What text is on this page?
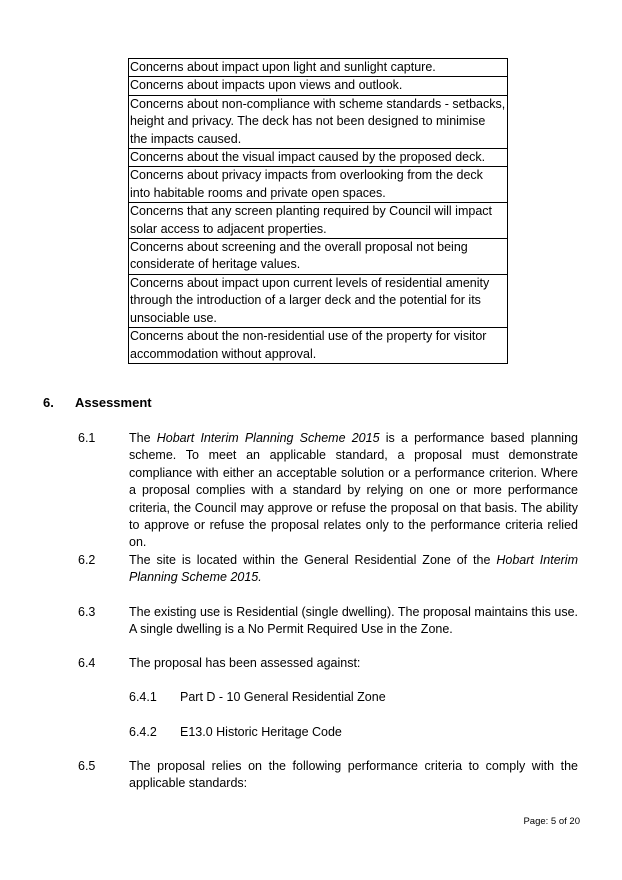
Concerns about impact upon light and sunlight capture.
Concerns about impacts upon views and outlook.
Concerns about non-compliance with scheme standards - setbacks, height and privacy. The deck has not been designed to minimise the impacts caused.
Concerns about the visual impact caused by the proposed deck.
Concerns about privacy impacts from overlooking from the deck into habitable rooms and private open spaces.
Concerns that any screen planting required by Council will impact solar access to adjacent properties.
Concerns about screening and the overall proposal not being considerate of heritage values.
Concerns about impact upon current levels of residential amenity through the introduction of a larger deck and the potential for its unsociable use.
Concerns about the non-residential use of the property for visitor accommodation without approval.
6. Assessment
6.1	The Hobart Interim Planning Scheme 2015 is a performance based planning scheme. To meet an applicable standard, a proposal must demonstrate compliance with either an acceptable solution or a performance criterion. Where a proposal complies with a standard by relying on one or more performance criteria, the Council may approve or refuse the proposal on that basis. The ability to approve or refuse the proposal relates only to the performance criteria relied on.
6.2	The site is located within the General Residential Zone of the Hobart Interim Planning Scheme 2015.
6.3	The existing use is Residential (single dwelling). The proposal maintains this use. A single dwelling is a No Permit Required Use in the Zone.
6.4	The proposal has been assessed against:
6.4.1 Part D - 10 General Residential Zone
6.4.2 E13.0 Historic Heritage Code
6.5	The proposal relies on the following performance criteria to comply with the applicable standards:
Page: 5 of 20
